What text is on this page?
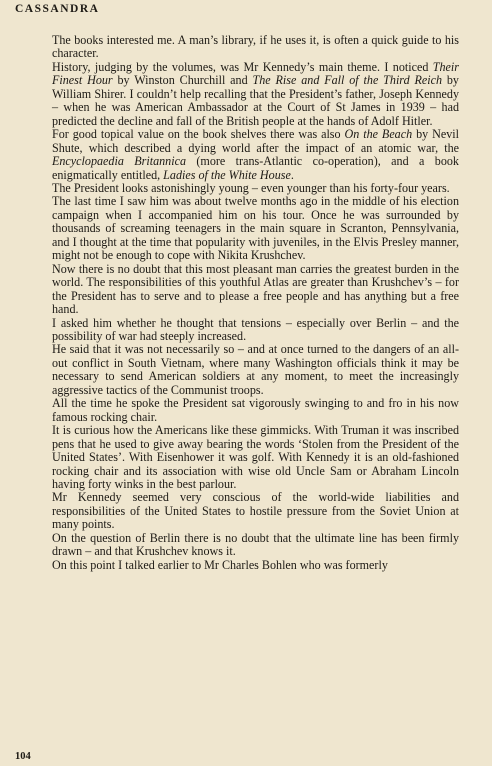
CASSANDRA

The books interested me. A man’s library, if he uses it, is often a quick guide to his character.

History, judging by the volumes, was Mr Kennedy’s main theme. I noticed Their Finest Hour by Winston Churchill and The Rise and Fall of the Third Reich by William Shirer. I couldn’t help recalling that the President’s father, Joseph Kennedy – when he was American Ambassador at the Court of St James in 1939 – had predicted the decline and fall of the British people at the hands of Adolf Hitler.

For good topical value on the book shelves there was also On the Beach by Nevil Shute, which described a dying world after the impact of an atomic war, the Encyclopaedia Britannica (more trans-Atlantic co-operation), and a book enigmatically entitled, Ladies of the White House.

The President looks astonishingly young – even younger than his forty-four years.

The last time I saw him was about twelve months ago in the middle of his election campaign when I accompanied him on his tour. Once he was surrounded by thousands of screaming teenagers in the main square in Scranton, Pennsylvania, and I thought at the time that popularity with juveniles, in the Elvis Presley manner, might not be enough to cope with Nikita Krushchev.

Now there is no doubt that this most pleasant man carries the greatest burden in the world. The responsibilities of this youthful Atlas are greater than Krushchev’s – for the President has to serve and to please a free people and has anything but a free hand.

I asked him whether he thought that tensions – especially over Berlin – and the possibility of war had steeply increased.

He said that it was not necessarily so – and at once turned to the dangers of an all-out conflict in South Vietnam, where many Washington officials think it may be necessary to send American soldiers at any moment, to meet the increasingly aggressive tactics of the Communist troops.

All the time he spoke the President sat vigorously swinging to and fro in his now famous rocking chair.

It is curious how the Americans like these gimmicks. With Truman it was inscribed pens that he used to give away bearing the words ‘Stolen from the President of the United States’. With Eisenhower it was golf. With Kennedy it is an old-fashioned rocking chair and its association with wise old Uncle Sam or Abraham Lincoln having forty winks in the best parlour.

Mr Kennedy seemed very conscious of the world-wide liabilities and responsibilities of the United States to hostile pressure from the Soviet Union at many points.

On the question of Berlin there is no doubt that the ultimate line has been firmly drawn – and that Krushchev knows it.

On this point I talked earlier to Mr Charles Bohlen who was formerly

104
